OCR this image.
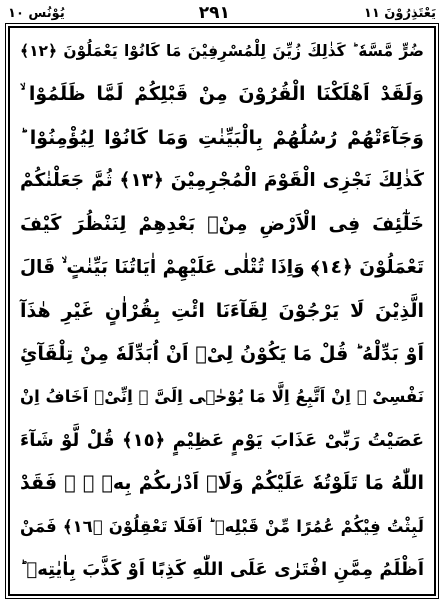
يَعْتَذِرُوْنَ ١١
٢٩١
يُوْنُس ١٠
ضُرٍّ مَّسَّهٗ ؕ كَذٰلِكَ زُيِّنَ لِلْمُسْرِفِيْنَ مَا كَانُوْا يَعْمَلُوْنَ ﴿١٢﴾
وَلَقَدْ اَهْلَكْنَا الْقُرُوْنَ مِنْ قَبْلِكُمْ لَمَّا ظَلَمُوْا ۙ
وَجَآءَتْهُمْ رُسُلُهُمْ بِالْبَيِّنٰتِ وَمَا كَانُوْا لِيُؤْمِنُوْا ؕ
كَذٰلِكَ نَجْزِى الْقَوْمَ الْمُجْرِمِيْنَ ﴿١٣﴾ ثُمَّ جَعَلْنٰكُمْ
خَلٰٓئِفَ فِى الْاَرْضِ مِنْۢ بَعْدِهِمْ لِنَنْظُرَ كَيْفَ
تَعْمَلُوْنَ ﴿١٤﴾ وَاِذَا تُتْلٰى عَلَيْهِمْ اٰيَاتُنَا بَيِّنٰتٍ ۙ قَالَ
الَّذِيْنَ لَا يَرْجُوْنَ لِقَآءَنَا ائْتِ بِقُرْاٰنٍ غَيْرِ هٰذَآ
اَوْ بَدِّلْهُ ؕ قُلْ مَا يَكُوْنُ لِىْۤ اَنْ اُبَدِّلَهٗ مِنْ تِلْقَآئِ
نَفْسِىْ ۚ اِنْ اَتَّبِعُ اِلَّا مَا يُوْحٰۤى اِلَىَّ ۚ اِنِّىْۤ اَخَافُ اِنْ
عَصَيْتُ رَبِّىْ عَذَابَ يَوْمٍ عَظِيْمٍ ﴿١٥﴾ قُلْ لَّوْ شَآءَ
اللّٰهُ مَا تَلَوْتُهٗ عَلَيْكُمْ وَلَاۤ اَدْرٰىكُمْ بِهٖ ۖ ۫ فَقَدْ
لَبِثْتُ فِيْكُمْ عُمُرًا مِّنْ قَبْلِهٖ ؕ اَفَلَا تَعْقِلُوْنَ ﴿١٦﴾ فَمَنْ
اَظْلَمُ مِمَّنِ افْتَرٰى عَلَى اللّٰهِ كَذِبًا اَوْ كَذَّبَ بِاٰيٰتِهٖ ؕ
